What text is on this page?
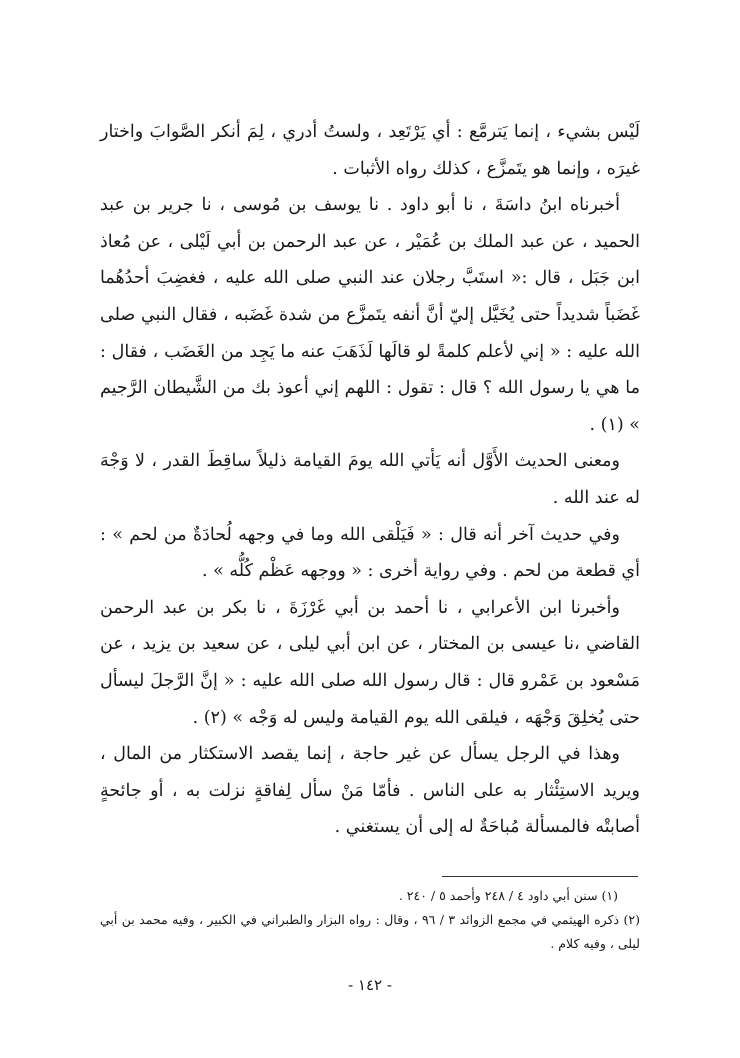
لَيْس بشيء ، إنما يَترمَّع : أي يَرْتَعِد ، ولستُ أدري ، لِمَ أنكر الصَّوابَ واختار غيرَه ، وإنما هو يتَمزَّع ، كذلك رواه الأثبات .

أخبرناه ابنُ داسَةَ ، نا أبو داود . نا يوسف بن مُوسى ، نا جرير بن عبد الحميد ، عن عبد الملك بن عُمَيْر ، عن عبد الرحمن بن أبي لَيْلى ، عن مُعاذ ابن جَبَل ، قال :« استَبَّ رجلان عند النبي صلى الله عليه ، فغضِبَ أحدُهُما غَضَباً شديداً حتى يُخَيَّل إليّ أنَّ أنفه يتَمزَّع من شدة غَضَبه ، فقال النبي صلى الله عليه : « إني لأعلم كلمةً لو قالَها لَذَهَبَ عنه ما يَجِد من الغَضَب ، فقال : ما هي يا رسول الله ؟ قال : تقول : اللهم إني أعوذ بك من الشَّيطان الرَّجيم » (١) .

ومعنى الحديث الأَوَّل أنه يَأتي الله يومَ القيامة ذليلاً ساقِطَ القدر ، لا وَجْهَ له عند الله .

وفي حديث آخر أنه قال : « فَيَلْقى الله وما في وجهه لُحادَةٌ من لحم » : أي قطعة من لحم . وفي رواية أخرى : « ووجهه عَظْم كُلُّه » .

وأخبرنا ابن الأعرابي ، نا أحمد بن أبي غَرْزَةَ ، نا بكر بن عبد الرحمن القاضي ،نا عيسى بن المختار ، عن ابن أبي ليلى ، عن سعيد بن يزيد ، عن مَسْعود بن عَمْرو قال : قال رسول الله صلى الله عليه : « إنَّ الرَّجلَ ليسأل حتى يُخلِقَ وَجْهَه ، فيلقى الله يوم القيامة وليس له وَجْه » (٢) .

وهذا في الرجل يسأل عن غير حاجة ، إنما يقصد الاستكثار من المال ، ويريد الاستِئْثار به على الناس . فأمّا مَنْ سأل لِفاقةٍ نزلت به ، أو جائحةٍ أصابتْه فالمسألة مُباحَةٌ له إلى أن يستغني .

(١) سنن أبي داود ٤ / ٢٤٨ وأحمد ٥ / ٢٤٠ .

(٢) ذكره الهيثمي في مجمع الزوائد ٣ / ٩٦ ، وقال : رواه البزار والطبراني في الكبير ، وفيه محمد بن أبي ليلى ، وفيه كلام .

- ١٤٢ -
